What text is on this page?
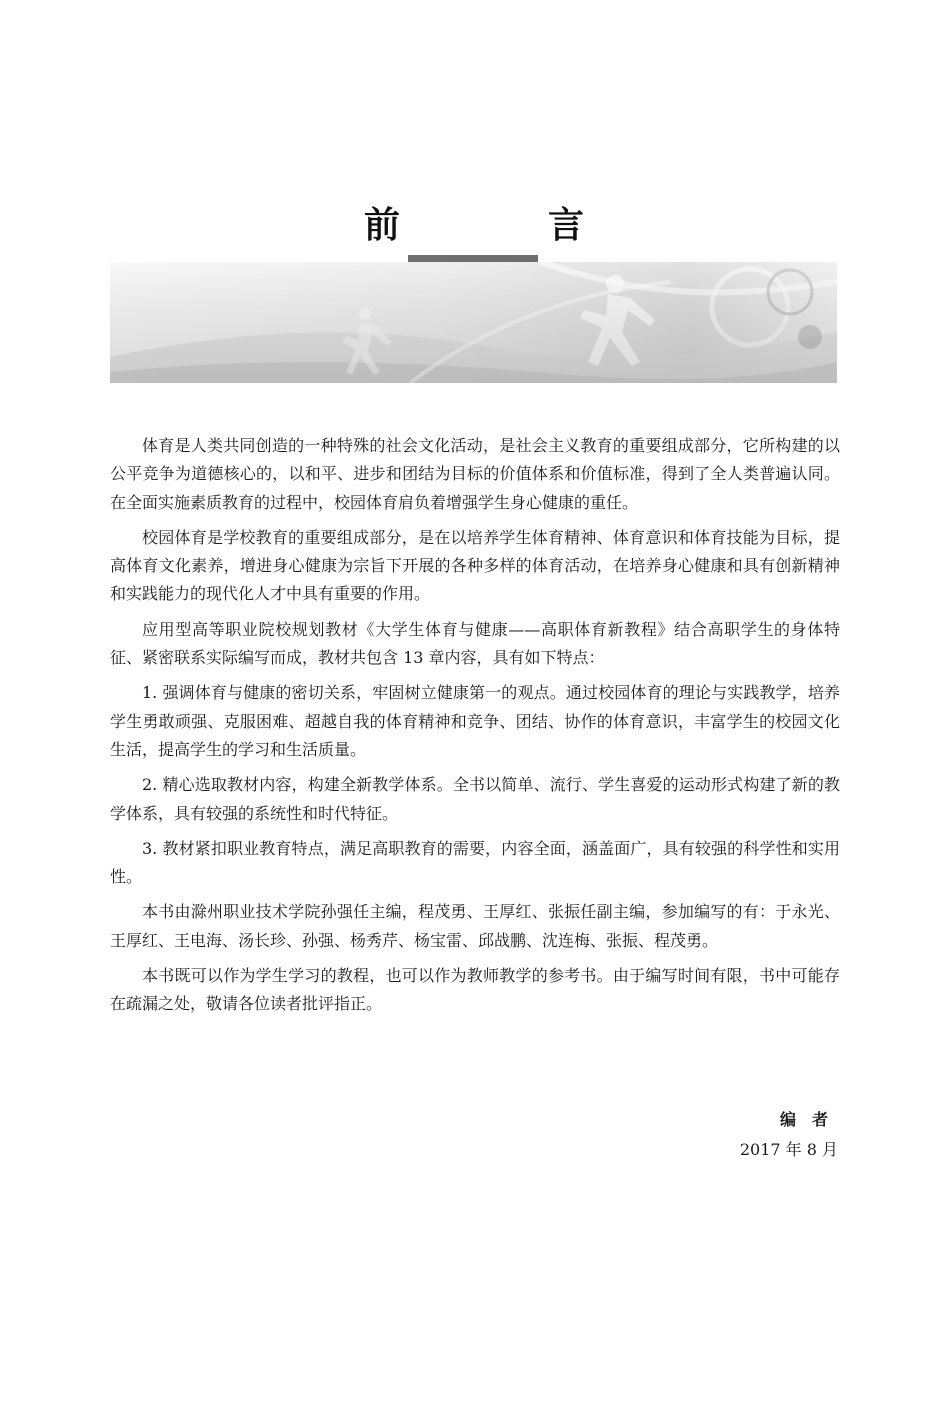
前　言

体育是人类共同创造的一种特殊的社会文化活动，是社会主义教育的重要组成部分，它所构建的以公平竞争为道德核心的，以和平、进步和团结为目标的价值体系和价值标准，得到了全人类普遍认同。在全面实施素质教育的过程中，校园体育肩负着增强学生身心健康的重任。

校园体育是学校教育的重要组成部分，是在以培养学生体育精神、体育意识和体育技能为目标，提高体育文化素养，增进身心健康为宗旨下开展的各种多样的体育活动，在培养身心健康和具有创新精神和实践能力的现代化人才中具有重要的作用。

应用型高等职业院校规划教材《大学生体育与健康——高职体育新教程》结合高职学生的身体特征、紧密联系实际编写而成，教材共包含 13 章内容，具有如下特点：

1. 强调体育与健康的密切关系，牢固树立健康第一的观点。通过校园体育的理论与实践教学，培养学生勇敢顽强、克服困难、超越自我的体育精神和竞争、团结、协作的体育意识，丰富学生的校园文化生活，提高学生的学习和生活质量。

2. 精心选取教材内容，构建全新教学体系。全书以简单、流行、学生喜爱的运动形式构建了新的教学体系，具有较强的系统性和时代特征。

3. 教材紧扣职业教育特点，满足高职教育的需要，内容全面，涵盖面广，具有较强的科学性和实用性。

本书由滁州职业技术学院孙强任主编，程茂勇、王厚红、张振任副主编，参加编写的有：于永光、王厚红、王电海、汤长珍、孙强、杨秀芹、杨宝雷、邱战鹏、沈连梅、张振、程茂勇。

本书既可以作为学生学习的教程，也可以作为教师教学的参考书。由于编写时间有限，书中可能存在疏漏之处，敬请各位读者批评指正。

编者
2017 年 8 月
